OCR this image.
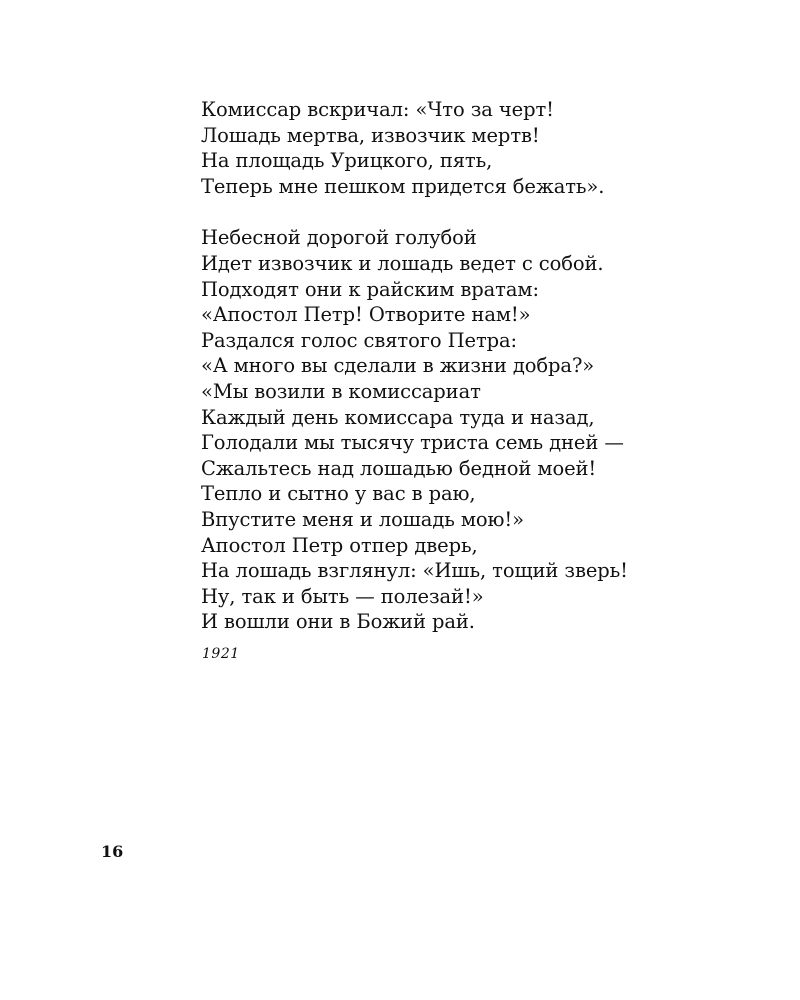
Комиссар вскричал: «Что за черт!
Лошадь мертва, извозчик мертв!
На площадь Урицкого, пять,
Теперь мне пешком придется бежать».
Небесной дорогой голубой
Идет извозчик и лошадь ведет с собой.
Подходят они к райским вратам:
«Апостол Петр! Отворите нам!»
Раздался голос святого Петра:
«А много вы сделали в жизни добра?»
«Мы возили в комиссариат
Каждый день комиссара туда и назад,
Голодали мы тысячу триста семь дней —
Сжальтесь над лошадью бедной моей!
Тепло и сытно у вас в раю,
Впустите меня и лошадь мою!»
Апостол Петр отпер дверь,
На лошадь взглянул: «Ишь, тощий зверь!
Ну, так и быть — полезай!»
И вошли они в Божий рай.
1921
16
